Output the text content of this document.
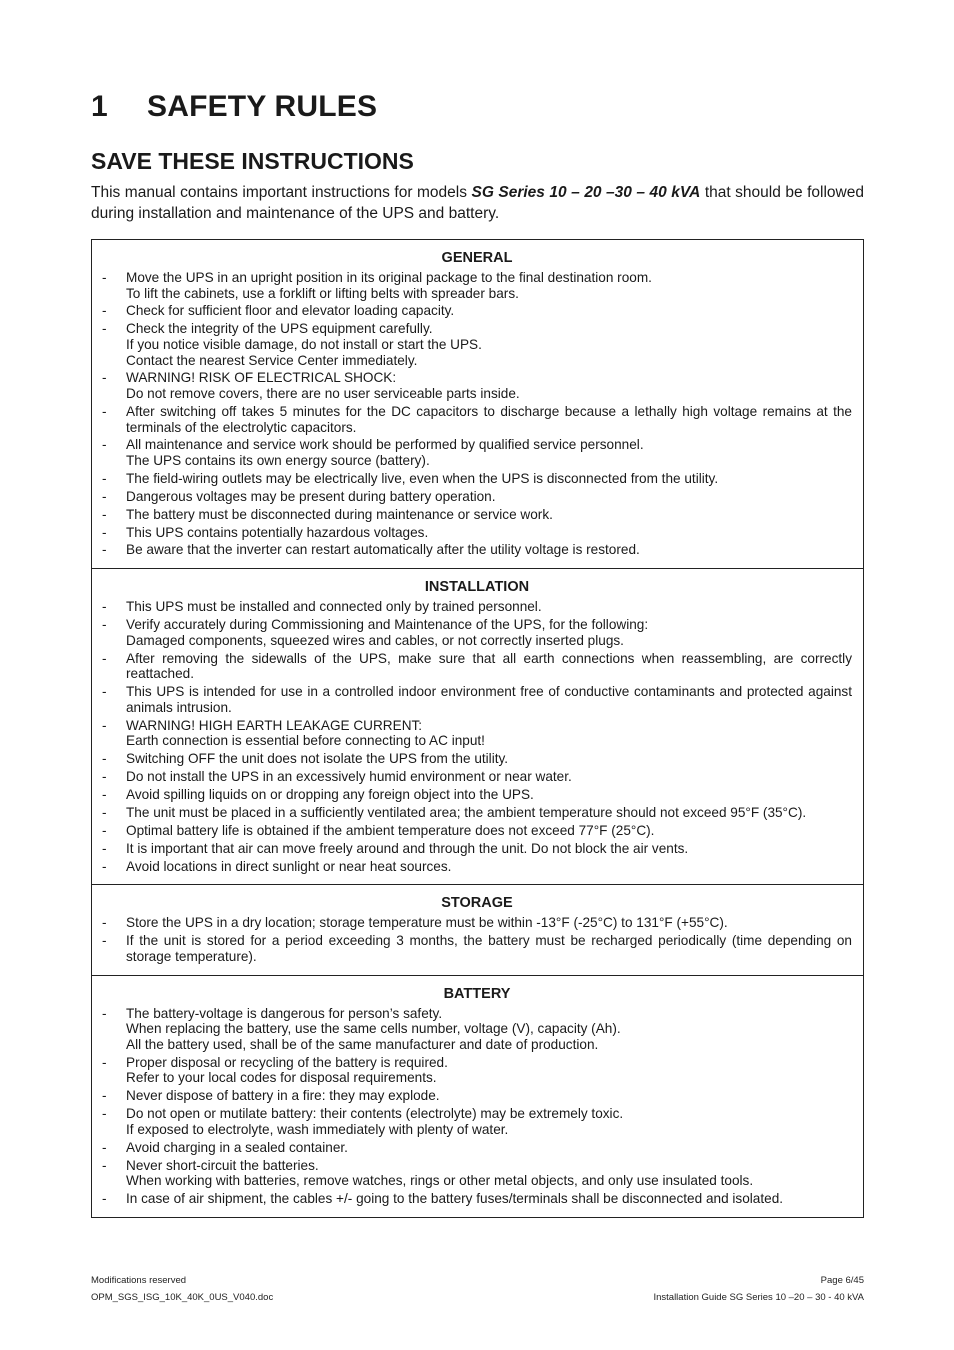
1 SAFETY RULES
SAVE THESE INSTRUCTIONS

This manual contains important instructions for models SG Series 10 – 20 –30 – 40 kVA that should be followed during installation and maintenance of the UPS and battery.

GENERAL
- Move the UPS in an upright position in its original package to the final destination room.
To lift the cabinets, use a forklift or lifting belts with spreader bars.
- Check for sufficient floor and elevator loading capacity.
- Check the integrity of the UPS equipment carefully.
If you notice visible damage, do not install or start the UPS.
Contact the nearest Service Center immediately.
- WARNING! RISK OF ELECTRICAL SHOCK:
Do not remove covers, there are no user serviceable parts inside.
- After switching off takes 5 minutes for the DC capacitors to discharge because a lethally high voltage remains at the terminals of the electrolytic capacitors.
- All maintenance and service work should be performed by qualified service personnel.
The UPS contains its own energy source (battery).
- The field-wiring outlets may be electrically live, even when the UPS is disconnected from the utility.
- Dangerous voltages may be present during battery operation.
- The battery must be disconnected during maintenance or service work.
- This UPS contains potentially hazardous voltages.
- Be aware that the inverter can restart automatically after the utility voltage is restored.
INSTALLATION
- This UPS must be installed and connected only by trained personnel.
- Verify accurately during Commissioning and Maintenance of the UPS, for the following:
Damaged components, squeezed wires and cables, or not correctly inserted plugs.
- After removing the sidewalls of the UPS, make sure that all earth connections when reassembling, are correctly reattached.
- This UPS is intended for use in a controlled indoor environment free of conductive contaminants and protected against animals intrusion.
- WARNING! HIGH EARTH LEAKAGE CURRENT:
Earth connection is essential before connecting to AC input!
- Switching OFF the unit does not isolate the UPS from the utility.
- Do not install the UPS in an excessively humid environment or near water.
- Avoid spilling liquids on or dropping any foreign object into the UPS.
- The unit must be placed in a sufficiently ventilated area; the ambient temperature should not exceed 95°F (35°C).
- Optimal battery life is obtained if the ambient temperature does not exceed 77°F (25°C).
- It is important that air can move freely around and through the unit. Do not block the air vents.
- Avoid locations in direct sunlight or near heat sources.
STORAGE
- Store the UPS in a dry location; storage temperature must be within -13°F (-25°C) to 131°F (+55°C).
- If the unit is stored for a period exceeding 3 months, the battery must be recharged periodically (time depending on storage temperature).
BATTERY
- The battery-voltage is dangerous for person’s safety.
When replacing the battery, use the same cells number, voltage (V), capacity (Ah).
All the battery used, shall be of the same manufacturer and date of production.
- Proper disposal or recycling of the battery is required.
Refer to your local codes for disposal requirements.
- Never dispose of battery in a fire: they may explode.
- Do not open or mutilate battery: their contents (electrolyte) may be extremely toxic.
If exposed to electrolyte, wash immediately with plenty of water.
- Avoid charging in a sealed container.
- Never short-circuit the batteries.
When working with batteries, remove watches, rings or other metal objects, and only use insulated tools.
- In case of air shipment, the cables +/- going to the battery fuses/terminals shall be disconnected and isolated.
Modifications reserved	Page 6/45
OPM_SGS_ISG_10K_40K_0US_V040.doc	Installation Guide SG Series 10 –20 – 30 - 40 kVA
